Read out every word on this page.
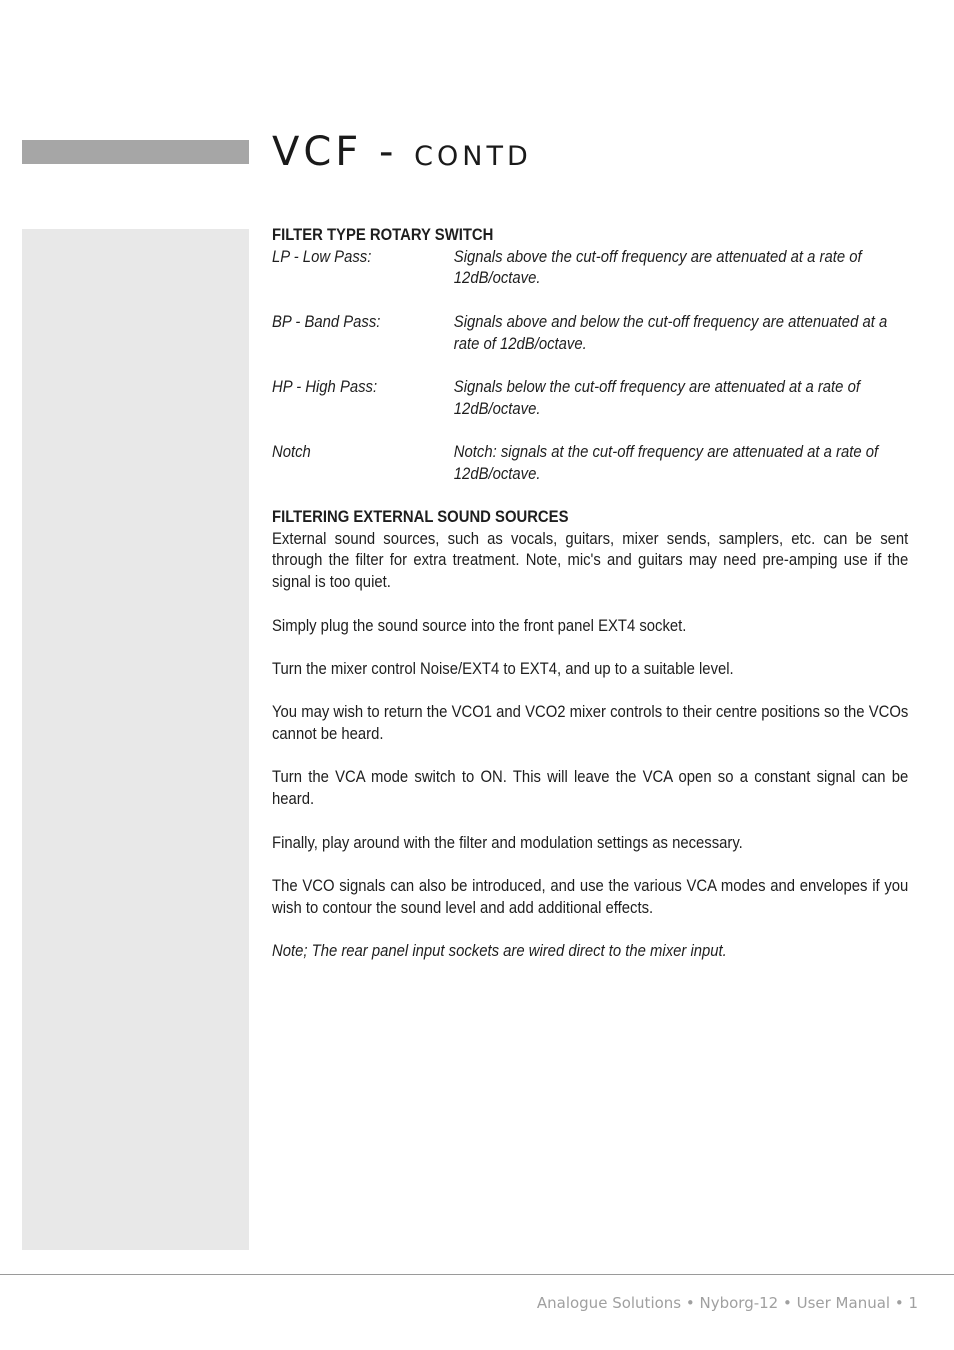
VCF - CONTD
FILTER TYPE ROTARY SWITCH
LP - Low Pass:	Signals above the cut-off frequency are attenuated at a rate of 12dB/octave.
BP - Band Pass:	Signals above and below the cut-off frequency are attenuated at a rate of 12dB/octave.
HP - High Pass:	Signals below the cut-off frequency are attenuated at a rate of 12dB/octave.
Notch	Notch: signals at the cut-off frequency are attenuated at a rate of 12dB/octave.
FILTERING EXTERNAL SOUND SOURCES

External sound sources, such as vocals, guitars, mixer sends, samplers, etc. can be sent through the filter for extra treatment. Note, mic's and guitars may need pre-amping use if the signal is too quiet.

Simply plug the sound source into the front panel EXT4 socket.

Turn the mixer control Noise/EXT4 to EXT4, and up to a suitable level.

You may wish to return the VCO1 and VCO2 mixer controls to their centre positions so the VCOs cannot be heard.

Turn the VCA mode switch to ON. This will leave the VCA open so a constant signal can be heard.

Finally, play around with the filter and modulation settings as necessary.

The VCO signals can also be introduced, and use the various VCA modes and envelopes if you wish to contour the sound level and add additional effects.

Note; The rear panel input sockets are wired direct to the mixer input.

Analogue Solutions • Nyborg-12 • User Manual • 1
